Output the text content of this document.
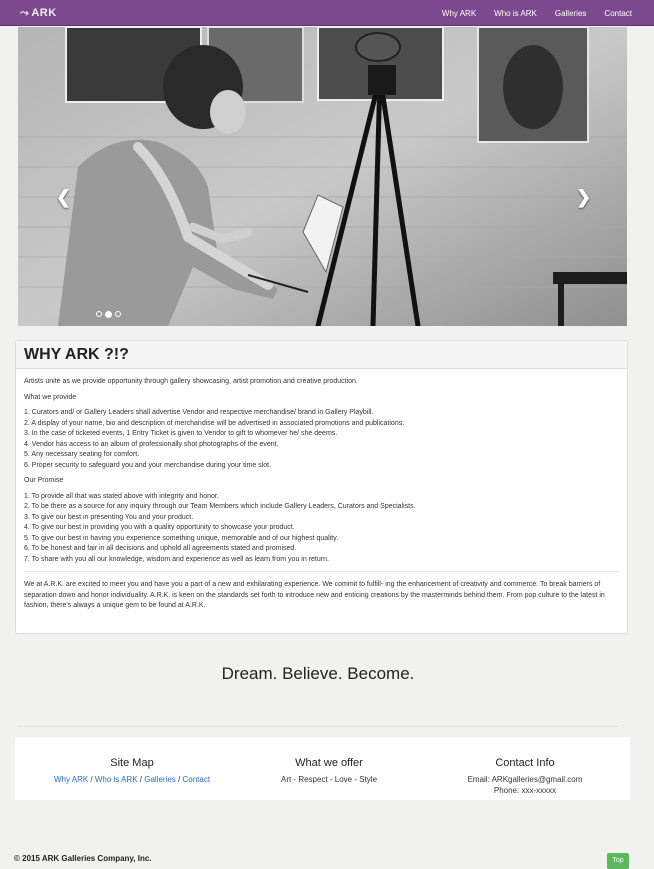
⤳ ARK	Why ARK Who is ARK Galleries Contact
❮	❯
WHY ARK ?!?

Artists unite as we provide opportunity through gallery showcasing, artist promotion and creative production.

What we provide

1. Curators and/ or Gallery Leaders shall advertise Vendor and respective merchandise/ brand in Gallery Playbill.
2. A display of your name, bio and description of merchandise will be advertised in associated promotions and publications.
3. In the case of ticketed events, 1 Entry Ticket is given to Vendor to gift to whomever he/ she deems.
4. Vendor has access to an album of professionally shot photographs of the event.
5. Any necessary seating for comfort.
6. Proper security to safeguard you and your merchandise during your time slot.

Our Promise

1. To provide all that was stated above with integrity and honor.
2. To be there as a source for any inquiry through our Team Members which include Gallery Leaders, Curators and Specialists.
3. To give our best in presenting You and your product.
4. To give our best in providing you with a quality opportunity to showcase your product.
5. To give our best in having you experience something unique, memorable and of our highest quality.
6. To be honest and fair in all decisions and uphold all agreements stated and promised.
7. To share with you all our knowledge, wisdom and experience as well as learn from you in return.

We at A.R.K. are excited to meet you and have you a part of a new and exhilarating experience. We commit to fulfill- ing the enhancement of creativity and commerce. To break barriers of separation down and honor individuality. A.R.K. is keen on the standards set forth to introduce new and enticing creations by the masterminds behind them. From pop culture to the latest in fashion, there's always a unique gem to be found at A.R.K.

Dream. Believe. Become.
Site Map
Why ARK / Who is ARK / Galleries / Contact
What we offer
Art - Respect - Love - Style
Contact Info
Email: ARKgalleries@gmail.com
Phone: xxx-xxxxx
© 2015 ARK Galleries Company, Inc.	Top
